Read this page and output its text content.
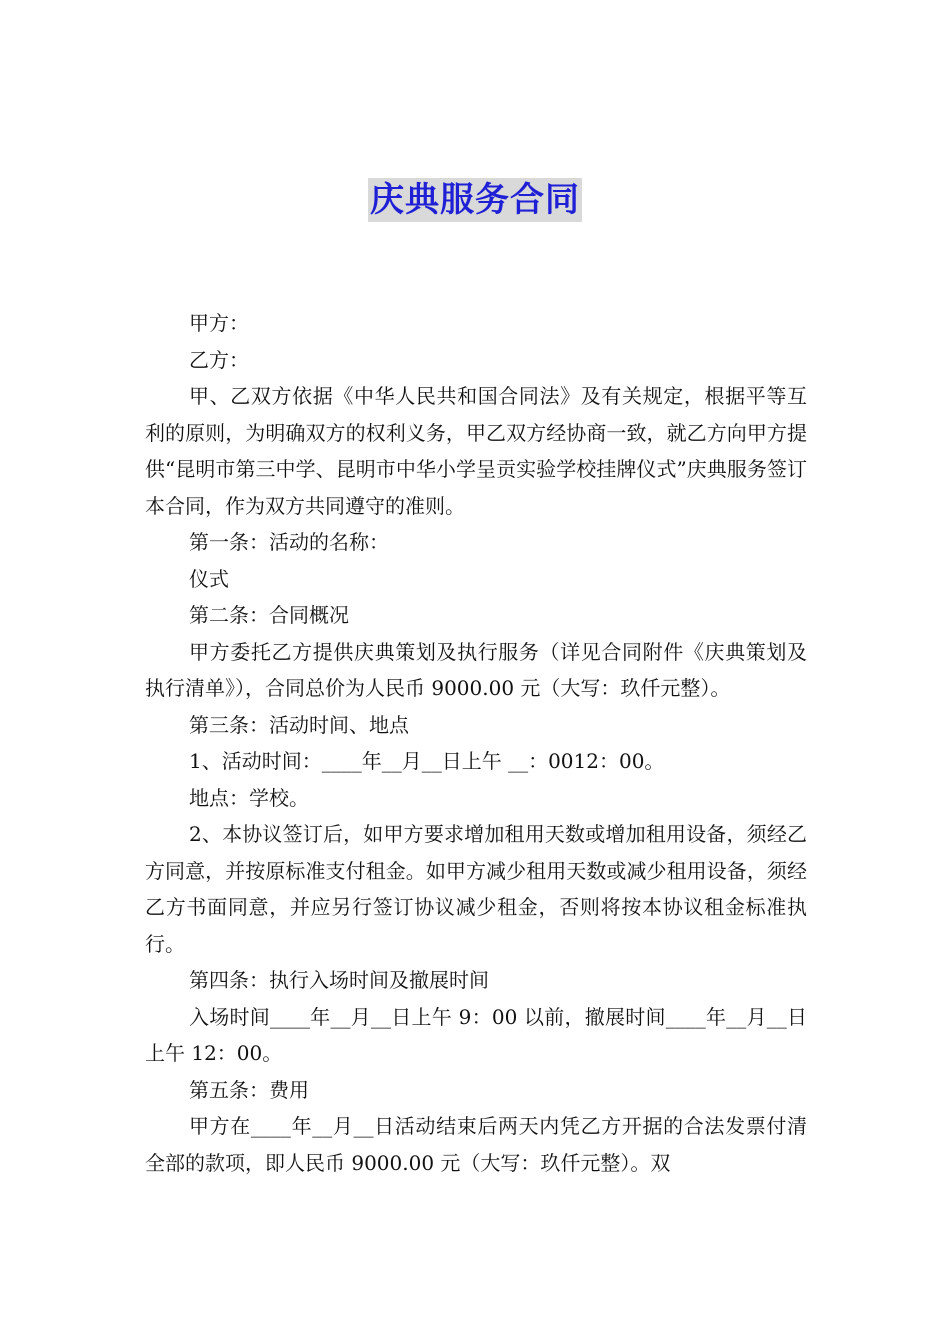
庆典服务合同

甲方：

乙方：

甲、乙双方依据《中华人民共和国合同法》及有关规定，根据平等互利的原则，为明确双方的权利义务，甲乙双方经协商一致，就乙方向甲方提供“昆明市第三中学、昆明市中华小学呈贡实验学校挂牌仪式”庆典服务签订本合同，作为双方共同遵守的准则。

第一条：活动的名称：

仪式

第二条：合同概况

甲方委托乙方提供庆典策划及执行服务（详见合同附件《庆典策划及执行清单》），合同总价为人民币 9000.00 元（大写：玖仟元整）。

第三条：活动时间、地点

1、活动时间：____年__月__日上午 __：0012：00。

地点：学校。

2、本协议签订后，如甲方要求增加租用天数或增加租用设备，须经乙方同意，并按原标准支付租金。如甲方减少租用天数或减少租用设备，须经乙方书面同意，并应另行签订协议减少租金，否则将按本协议租金标准执行。

第四条：执行入场时间及撤展时间

入场时间____年__月__日上午 9：00 以前，撤展时间____年__月__日上午 12：00。

第五条：费用

甲方在____年__月__日活动结束后两天内凭乙方开据的合法发票付清全部的款项，即人民币 9000.00 元（大写：玖仟元整）。双
